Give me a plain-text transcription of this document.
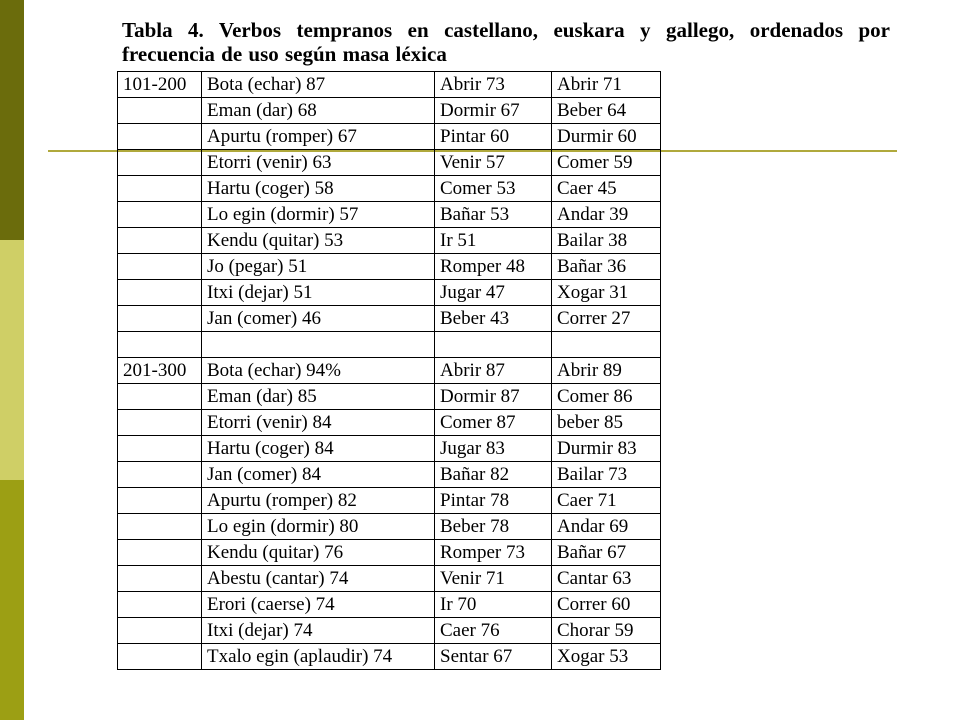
Tabla 4. Verbos tempranos en castellano, euskara y gallego, ordenados por frecuencia de uso según masa léxica
101-200	Bota (echar) 87	Abrir 73	Abrir 71
	Eman (dar) 68	Dormir 67	Beber 64
	Apurtu (romper) 67	Pintar 60	Durmir 60
	Etorri (venir) 63	Venir 57	Comer 59
	Hartu (coger) 58	Comer 53	Caer 45
	Lo egin (dormir) 57	Bañar 53	Andar 39
	Kendu (quitar) 53	Ir 51	Bailar 38
	Jo (pegar) 51	Romper 48	Bañar 36
	Itxi (dejar) 51	Jugar 47	Xogar 31
	Jan (comer) 46	Beber 43	Correr 27

201-300	Bota (echar) 94%	Abrir 87	Abrir 89
	Eman (dar) 85	Dormir 87	Comer 86
	Etorri (venir) 84	Comer 87	beber 85
	Hartu (coger) 84	Jugar 83	Durmir 83
	Jan (comer) 84	Bañar 82	Bailar 73
	Apurtu (romper) 82	Pintar 78	Caer 71
	Lo egin (dormir) 80	Beber 78	Andar 69
	Kendu (quitar) 76	Romper 73	Bañar 67
	Abestu (cantar) 74	Venir 71	Cantar 63
	Erori (caerse) 74	Ir 70	Correr 60
	Itxi (dejar) 74	Caer 76	Chorar 59
	Txalo egin (aplaudir) 74	Sentar 67	Xogar 53
